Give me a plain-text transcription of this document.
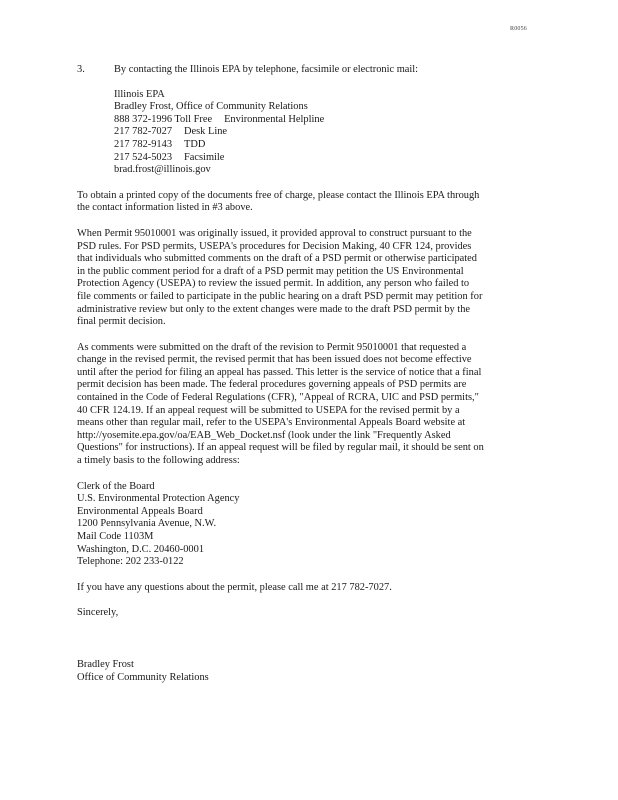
R0056
3.	By contacting the Illinois EPA by telephone, facsimile or electronic mail:
Illinois EPA
Bradley Frost, Office of Community Relations
888 372-1996 Toll Free Environmental Helpline
217 782-7027 Desk Line
217 782-9143 TDD
217 524-5023 Facsimile
brad.frost@illinois.gov
To obtain a printed copy of the documents free of charge, please contact the Illinois EPA through
the contact information listed in #3 above.
When Permit 95010001 was originally issued, it provided approval to construct pursuant to the
PSD rules. For PSD permits, USEPA's procedures for Decision Making, 40 CFR 124, provides
that individuals who submitted comments on the draft of a PSD permit or otherwise participated
in the public comment period for a draft of a PSD permit may petition the US Environmental
Protection Agency (USEPA) to review the issued permit. In addition, any person who failed to
file comments or failed to participate in the public hearing on a draft PSD permit may petition for
administrative review but only to the extent changes were made to the draft PSD permit by the
final permit decision.
As comments were submitted on the draft of the revision to Permit 95010001 that requested a
change in the revised permit, the revised permit that has been issued does not become effective
until after the period for filing an appeal has passed. This letter is the service of notice that a final
permit decision has been made. The federal procedures governing appeals of PSD permits are
contained in the Code of Federal Regulations (CFR), "Appeal of RCRA, UIC and PSD permits,"
40 CFR 124.19. If an appeal request will be submitted to USEPA for the revised permit by a
means other than regular mail, refer to the USEPA's Environmental Appeals Board website at
http://yosemite.epa.gov/oa/EAB_Web_Docket.nsf (look under the link "Frequently Asked
Questions" for instructions). If an appeal request will be filed by regular mail, it should be sent on
a timely basis to the following address:
Clerk of the Board
U.S. Environmental Protection Agency
Environmental Appeals Board
1200 Pennsylvania Avenue, N.W.
Mail Code 1103M
Washington, D.C. 20460-0001
Telephone: 202 233-0122
If you have any questions about the permit, please call me at 217 782-7027.
Sincerely,
Bradley Frost
Office of Community Relations
